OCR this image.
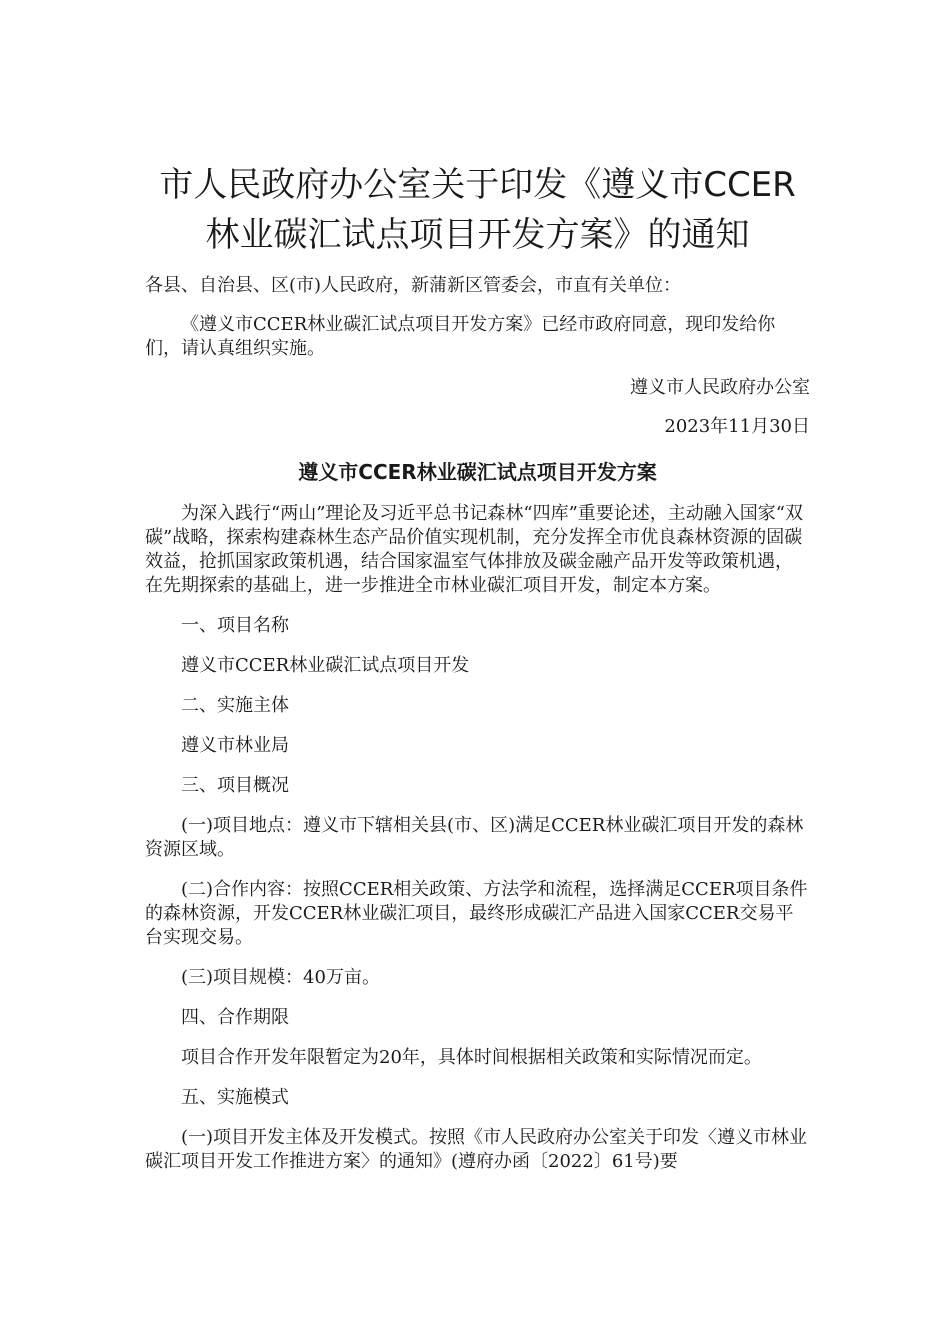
市人民政府办公室关于印发《遵义市CCER
林业碳汇试点项目开发方案》的通知

各县、自治县、区(市)人民政府，新蒲新区管委会，市直有关单位：

《遵义市CCER林业碳汇试点项目开发方案》已经市政府同意，现印发给你们，请认真组织实施。

遵义市人民政府办公室

2023年11月30日

遵义市CCER林业碳汇试点项目开发方案

为深入践行“两山”理论及习近平总书记森林“四库”重要论述，主动融入国家“双碳”战略，探索构建森林生态产品价值实现机制，充分发挥全市优良森林资源的固碳效益，抢抓国家政策机遇，结合国家温室气体排放及碳金融产品开发等政策机遇，在先期探索的基础上，进一步推进全市林业碳汇项目开发，制定本方案。

一、项目名称

遵义市CCER林业碳汇试点项目开发

二、实施主体

遵义市林业局

三、项目概况

(一)项目地点：遵义市下辖相关县(市、区)满足CCER林业碳汇项目开发的森林资源区域。

(二)合作内容：按照CCER相关政策、方法学和流程，选择满足CCER项目条件的森林资源，开发CCER林业碳汇项目，最终形成碳汇产品进入国家CCER交易平台实现交易。

(三)项目规模：40万亩。

四、合作期限

项目合作开发年限暂定为20年，具体时间根据相关政策和实际情况而定。

五、实施模式

(一)项目开发主体及开发模式。按照《市人民政府办公室关于印发〈遵义市林业碳汇项目开发工作推进方案〉的通知》(遵府办函〔2022〕61号)要
